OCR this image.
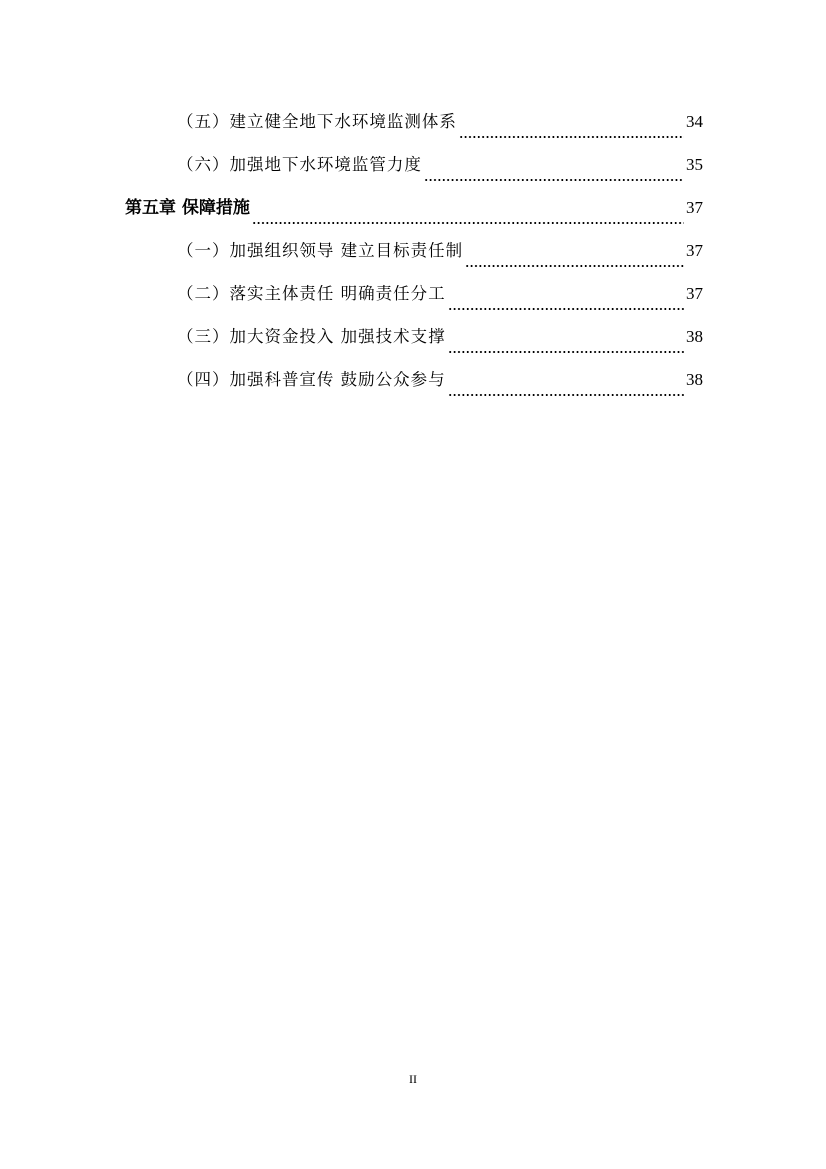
（五）建立健全地下水环境监测体系	34
（六）加强地下水环境监管力度	35
第五章 保障措施	37
（一）加强组织领导 建立目标责任制	37
（二）落实主体责任 明确责任分工	37
（三）加大资金投入 加强技术支撑	38
（四）加强科普宣传 鼓励公众参与	38
II
